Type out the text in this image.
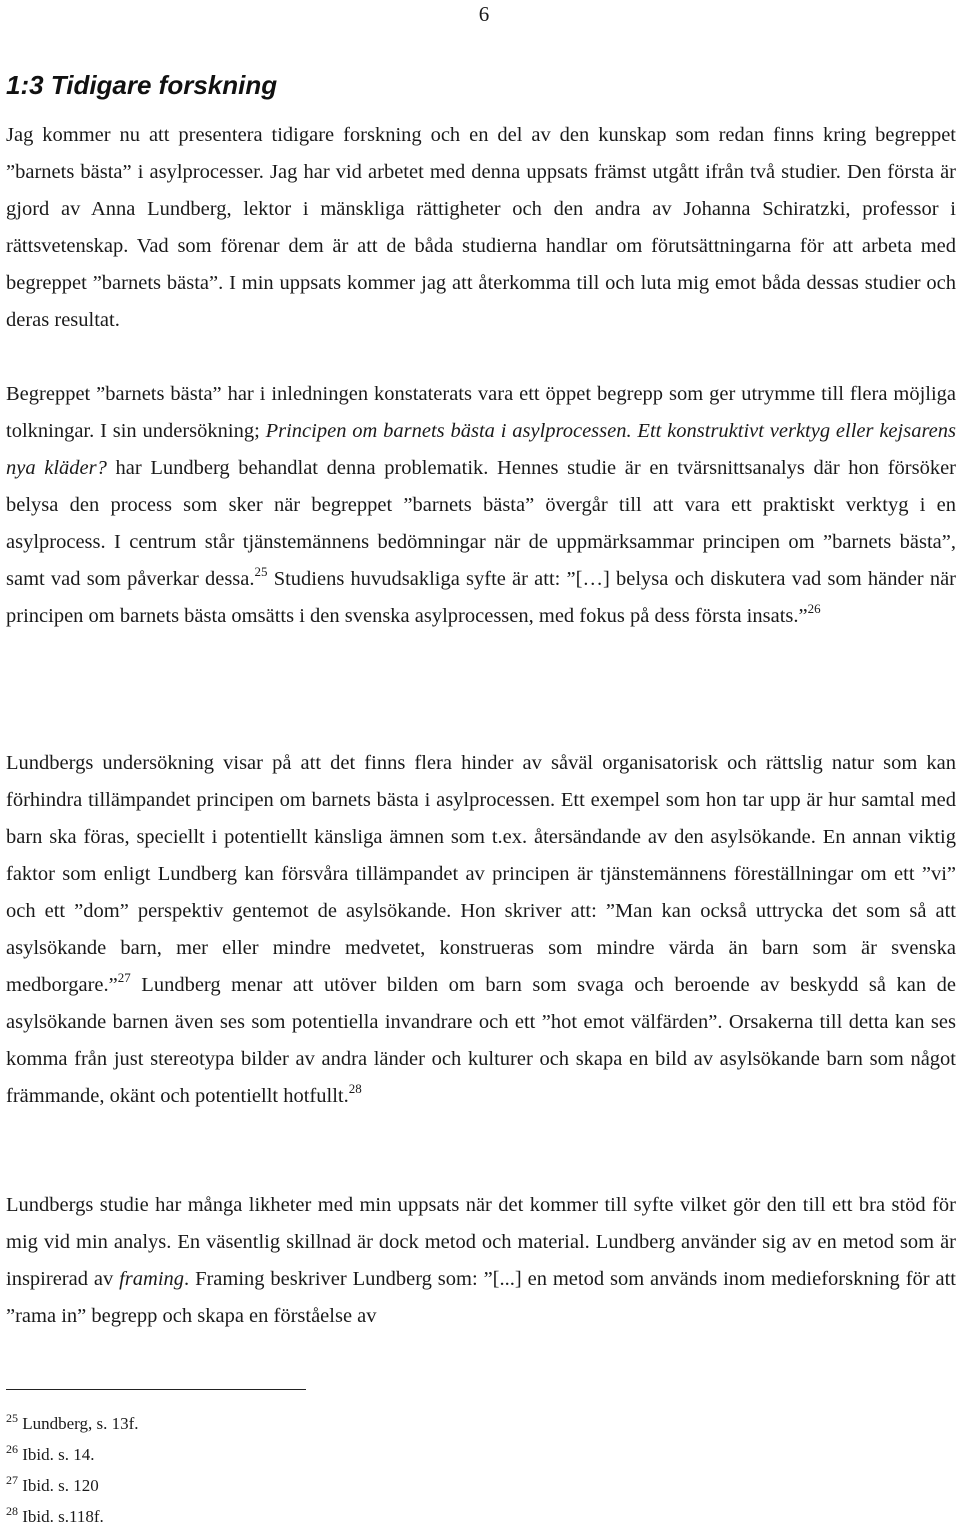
6
1:3 Tidigare forskning

Jag kommer nu att presentera tidigare forskning och en del av den kunskap som redan finns kring begreppet ”barnets bästa” i asylprocesser. Jag har vid arbetet med denna uppsats främst utgått ifrån två studier. Den första är gjord av Anna Lundberg, lektor i mänskliga rättigheter och den andra av Johanna Schiratzki, professor i rättsvetenskap. Vad som förenar dem är att de båda studierna handlar om förutsättningarna för att arbeta med begreppet ”barnets bästa”. I min uppsats kommer jag att återkomma till och luta mig emot båda dessas studier och deras resultat.

Begreppet ”barnets bästa” har i inledningen konstaterats vara ett öppet begrepp som ger utrymme till flera möjliga tolkningar. I sin undersökning; Principen om barnets bästa i asylprocessen. Ett konstruktivt verktyg eller kejsarens nya kläder? har Lundberg behandlat denna problematik. Hennes studie är en tvärsnittsanalys där hon försöker belysa den process som sker när begreppet ”barnets bästa” övergår till att vara ett praktiskt verktyg i en asylprocess. I centrum står tjänstemännens bedömningar när de uppmärksammar principen om ”barnets bästa”, samt vad som påverkar dessa.$^{25}$ Studiens huvudsakliga syfte är att: ”[…] belysa och diskutera vad som händer när principen om barnets bästa omsätts i den svenska asylprocessen, med fokus på dess första insats.”$^{26}$

Lundbergs undersökning visar på att det finns flera hinder av såväl organisatorisk och rättslig natur som kan förhindra tillämpandet principen om barnets bästa i asylprocessen. Ett exempel som hon tar upp är hur samtal med barn ska föras, speciellt i potentiellt känsliga ämnen som t.ex. återsändande av den asylsökande. En annan viktig faktor som enligt Lundberg kan försvåra tillämpandet av principen är tjänstemännens föreställningar om ett ”vi” och ett ”dom” perspektiv gentemot de asylsökande. Hon skriver att: ”Man kan också uttrycka det som så att asylsökande barn, mer eller mindre medvetet, konstrueras som mindre värda än barn som är svenska medborgare.”$^{27}$ Lundberg menar att utöver bilden om barn som svaga och beroende av beskydd så kan de asylsökande barnen även ses som potentiella invandrare och ett ”hot emot välfärden”. Orsakerna till detta kan ses komma från just stereotypa bilder av andra länder och kulturer och skapa en bild av asylsökande barn som något främmande, okänt och potentiellt hotfullt.$^{28}$

Lundbergs studie har många likheter med min uppsats när det kommer till syfte vilket gör den till ett bra stöd för mig vid min analys. En väsentlig skillnad är dock metod och material. Lundberg använder sig av en metod som är inspirerad av framing. Framing beskriver Lundberg som: ”[...] en metod som används inom medieforskning för att ”rama in” begrepp och skapa en förståelse av

$^{25}$ Lundberg, s. 13f.
$^{26}$ Ibid. s. 14.
$^{27}$ Ibid. s. 120
$^{28}$ Ibid. s.118f.
